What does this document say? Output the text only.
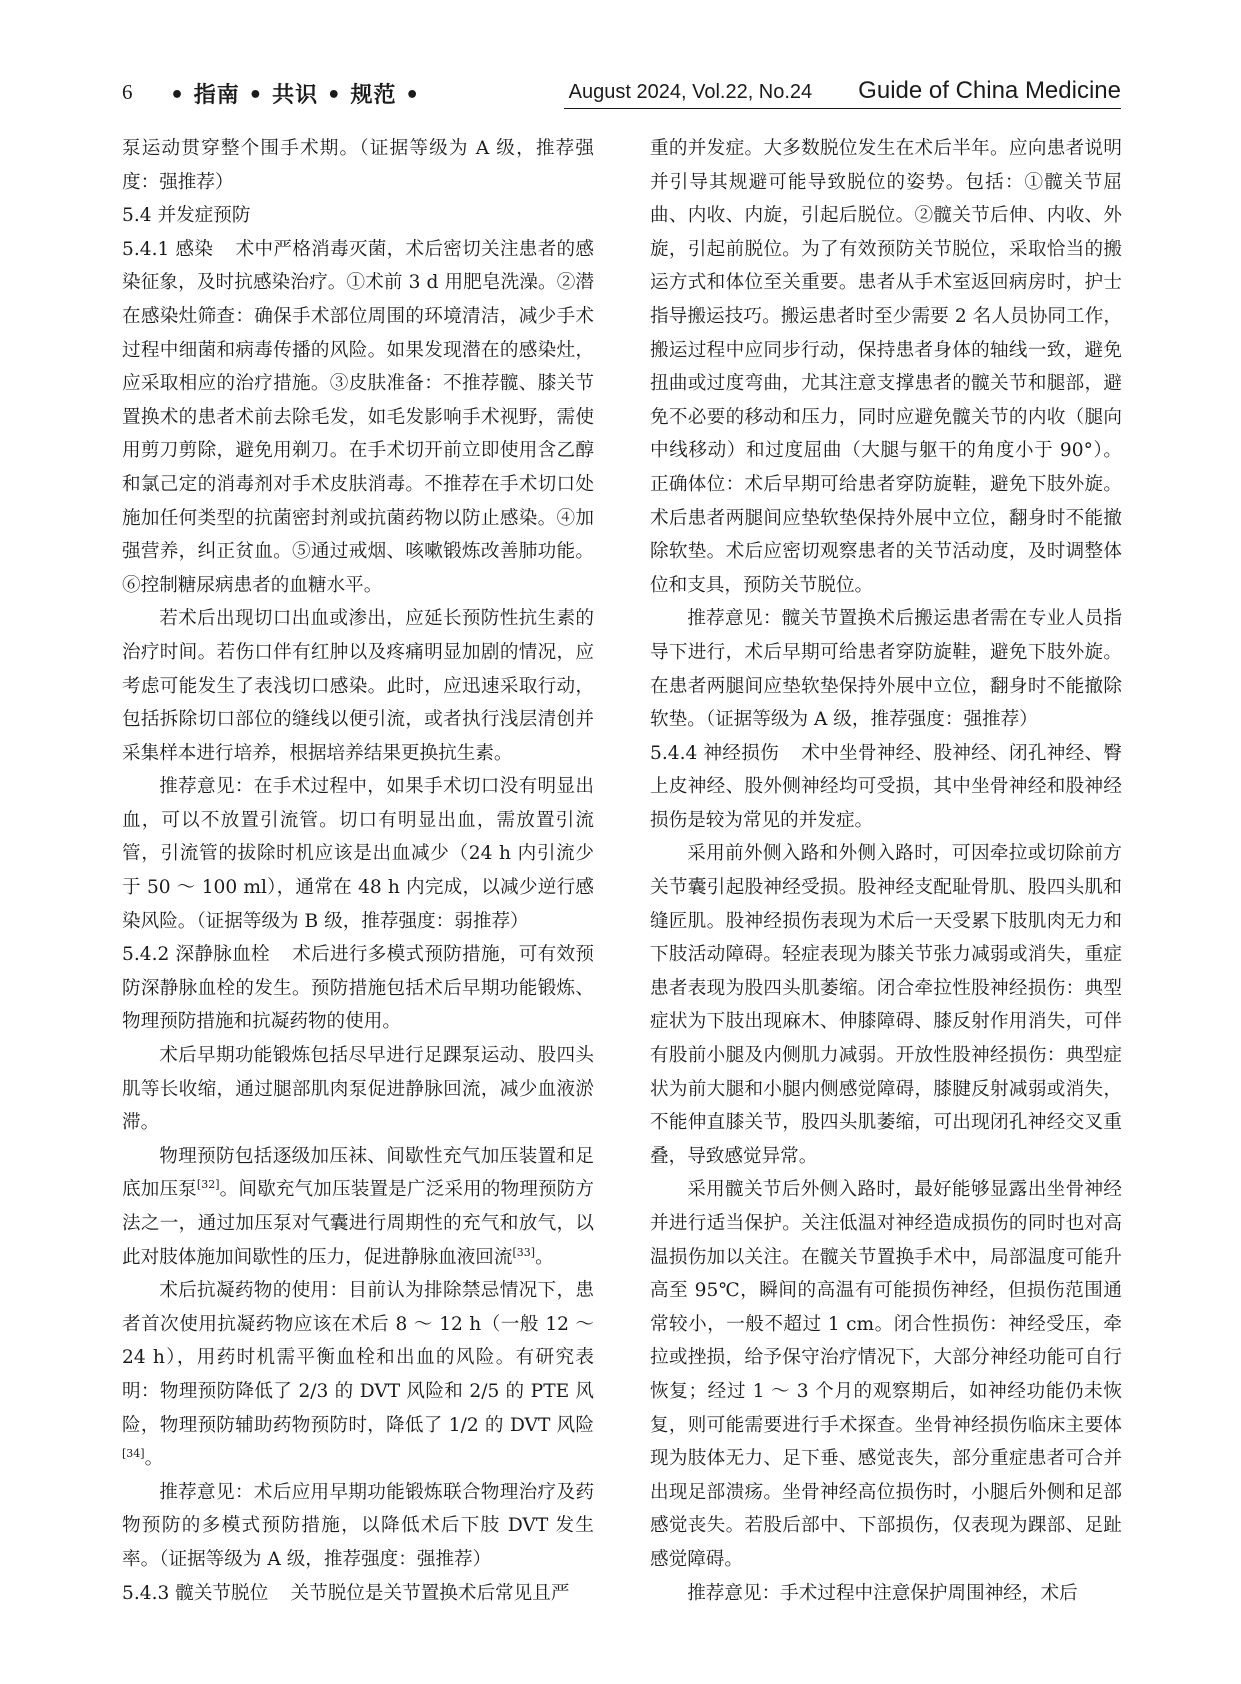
6 • 指南 • 共识 • 规范 •	August 2024, Vol.22, No.24 Guide of China Medicine

泵运动贯穿整个围手术期。（证据等级为 A 级，推荐强度：强推荐）

5.4 并发症预防

5.4.1 感染 术中严格消毒灭菌，术后密切关注患者的感染征象，及时抗感染治疗。①术前 3 d 用肥皂洗澡。②潜在感染灶筛查：确保手术部位周围的环境清洁，减少手术过程中细菌和病毒传播的风险。如果发现潜在的感染灶，应采取相应的治疗措施。③皮肤准备：不推荐髋、膝关节置换术的患者术前去除毛发，如毛发影响手术视野，需使用剪刀剪除，避免用剃刀。在手术切开前立即使用含乙醇和氯己定的消毒剂对手术皮肤消毒。不推荐在手术切口处施加任何类型的抗菌密封剂或抗菌药物以防止感染。④加强营养，纠正贫血。⑤通过戒烟、咳嗽锻炼改善肺功能。⑥控制糖尿病患者的血糖水平。

若术后出现切口出血或渗出，应延长预防性抗生素的治疗时间。若伤口伴有红肿以及疼痛明显加剧的情况，应考虑可能发生了表浅切口感染。此时，应迅速采取行动，包括拆除切口部位的缝线以便引流，或者执行浅层清创并采集样本进行培养，根据培养结果更换抗生素。

推荐意见：在手术过程中，如果手术切口没有明显出血，可以不放置引流管。切口有明显出血，需放置引流管，引流管的拔除时机应该是出血减少（24 h 内引流少于 50 ～ 100 ml），通常在 48 h 内完成，以减少逆行感染风险。（证据等级为 B 级，推荐强度：弱推荐）

5.4.2 深静脉血栓 术后进行多模式预防措施，可有效预防深静脉血栓的发生。预防措施包括术后早期功能锻炼、物理预防措施和抗凝药物的使用。

术后早期功能锻炼包括尽早进行足踝泵运动、股四头肌等长收缩，通过腿部肌肉泵促进静脉回流，减少血液淤滞。

物理预防包括逐级加压袜、间歇性充气加压装置和足底加压泵[32]。间歇充气加压装置是广泛采用的物理预防方法之一，通过加压泵对气囊进行周期性的充气和放气，以此对肢体施加间歇性的压力，促进静脉血液回流[33]。

术后抗凝药物的使用：目前认为排除禁忌情况下，患者首次使用抗凝药物应该在术后 8 ～ 12 h（一般 12 ～ 24 h），用药时机需平衡血栓和出血的风险。有研究表明：物理预防降低了 2/3 的 DVT 风险和 2/5 的 PTE 风险，物理预防辅助药物预防时，降低了 1/2 的 DVT 风险[34]。

推荐意见：术后应用早期功能锻炼联合物理治疗及药物预防的多模式预防措施，以降低术后下肢 DVT 发生率。（证据等级为 A 级，推荐强度：强推荐）

5.4.3 髋关节脱位 关节脱位是关节置换术后常见且严

重的并发症。大多数脱位发生在术后半年。应向患者说明并引导其规避可能导致脱位的姿势。包括：①髋关节屈曲、内收、内旋，引起后脱位。②髋关节后伸、内收、外旋，引起前脱位。为了有效预防关节脱位，采取恰当的搬运方式和体位至关重要。患者从手术室返回病房时，护士指导搬运技巧。搬运患者时至少需要 2 名人员协同工作，搬运过程中应同步行动，保持患者身体的轴线一致，避免扭曲或过度弯曲，尤其注意支撑患者的髋关节和腿部，避免不必要的移动和压力，同时应避免髋关节的内收（腿向中线移动）和过度屈曲（大腿与躯干的角度小于 90°）。正确体位：术后早期可给患者穿防旋鞋，避免下肢外旋。术后患者两腿间应垫软垫保持外展中立位，翻身时不能撤除软垫。术后应密切观察患者的关节活动度，及时调整体位和支具，预防关节脱位。

推荐意见：髋关节置换术后搬运患者需在专业人员指导下进行，术后早期可给患者穿防旋鞋，避免下肢外旋。在患者两腿间应垫软垫保持外展中立位，翻身时不能撤除软垫。（证据等级为 A 级，推荐强度：强推荐）

5.4.4 神经损伤 术中坐骨神经、股神经、闭孔神经、臀上皮神经、股外侧神经均可受损，其中坐骨神经和股神经损伤是较为常见的并发症。

采用前外侧入路和外侧入路时，可因牵拉或切除前方关节囊引起股神经受损。股神经支配耻骨肌、股四头肌和缝匠肌。股神经损伤表现为术后一天受累下肢肌肉无力和下肢活动障碍。轻症表现为膝关节张力减弱或消失，重症患者表现为股四头肌萎缩。闭合牵拉性股神经损伤：典型症状为下肢出现麻木、伸膝障碍、膝反射作用消失，可伴有股前小腿及内侧肌力减弱。开放性股神经损伤：典型症状为前大腿和小腿内侧感觉障碍，膝腱反射减弱或消失，不能伸直膝关节，股四头肌萎缩，可出现闭孔神经交叉重叠，导致感觉异常。

采用髋关节后外侧入路时，最好能够显露出坐骨神经并进行适当保护。关注低温对神经造成损伤的同时也对高温损伤加以关注。在髋关节置换手术中，局部温度可能升高至 95℃，瞬间的高温有可能损伤神经，但损伤范围通常较小，一般不超过 1 cm。闭合性损伤：神经受压，牵拉或挫损，给予保守治疗情况下，大部分神经功能可自行恢复；经过 1 ～ 3 个月的观察期后，如神经功能仍未恢复，则可能需要进行手术探查。坐骨神经损伤临床主要体现为肢体无力、足下垂、感觉丧失，部分重症患者可合并出现足部溃疡。坐骨神经高位损伤时，小腿后外侧和足部感觉丧失。若股后部中、下部损伤，仅表现为踝部、足趾感觉障碍。

推荐意见：手术过程中注意保护周围神经，术后
